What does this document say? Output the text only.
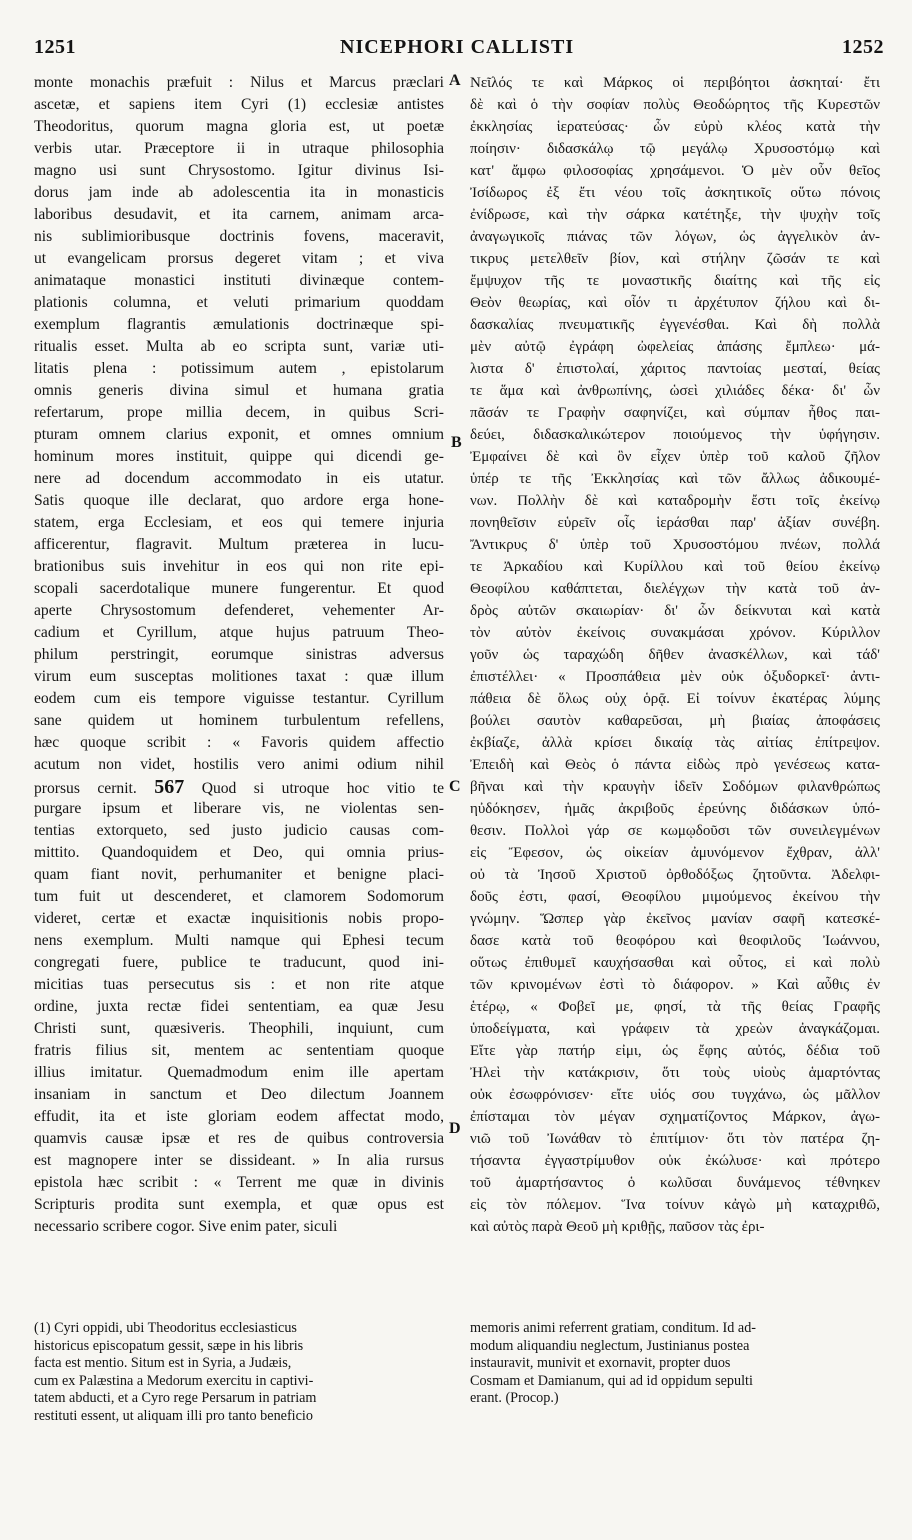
1251	NICEPHORI CALLISTI	1252
monte monachis præfuit : Nilus et Marcus præclari
ascetæ, et sapiens item Cyri (1) ecclesiæ antistes
Theodoritus, quorum magna gloria est, ut poetæ
verbis utar. Præceptore ii in utraque philosophia
magno usi sunt Chrysostomo. Igitur divinus Isi-
dorus jam inde ab adolescentia ita in monasticis
laboribus desudavit, et ita carnem, animam arca-
nis sublimioribusque doctrinis fovens, maceravit,
ut evangelicam prorsus degeret vitam ; et viva
animataque monastici instituti divinæque contem-
plationis columna, et veluti primarium quoddam
exemplum flagrantis æmulationis doctrinæque spi-
ritualis esset. Multa ab eo scripta sunt, variæ uti-
litatis plena : potissimum autem , epistolarum
omnis generis divina simul et humana gratia
refertarum, prope millia decem, in quibus Scri-
pturam omnem clarius exponit, et omnes omnium
hominum mores instituit, quippe qui dicendi ge-
nere ad docendum accommodato in eis utatur.
Satis quoque ille declarat, quo ardore erga hone-
statem, erga Ecclesiam, et eos qui temere injuria
afficerentur, flagravit. Multum præterea in lucu-
brationibus suis invehitur in eos qui non rite epi-
scopali sacerdotalique munere fungerentur. Et quod
aperte Chrysostomum defenderet, vehementer Ar-
cadium et Cyrillum, atque hujus patruum Theo-
philum perstringit, eorumque sinistras adversus
virum eum susceptas molitiones taxat : quæ illum
eodem cum eis tempore viguisse testantur. Cyrillum
sane quidem ut hominem turbulentum refellens,
hæc quoque scribit : « Favoris quidem affectio
acutum non videt, hostilis vero animi odium nihil
prorsus cernit. 567 Quod si utroque hoc vitio te
purgare ipsum et liberare vis, ne violentas sen-
tentias extorqueto, sed justo judicio causas com-
mittito. Quandoquidem et Deo, qui omnia prius-
quam fiant novit, perhumaniter et benigne placi-
tum fuit ut descenderet, et clamorem Sodomorum
videret, certæ et exactæ inquisitionis nobis propo-
nens exemplum. Multi namque qui Ephesi tecum
congregati fuere, publice te traducunt, quod ini-
micitias tuas persecutus sis : et non rite atque
ordine, juxta rectæ fidei sententiam, ea quæ Jesu
Christi sunt, quæsiveris. Theophili, inquiunt, cum
fratris filius sit, mentem ac sententiam quoque
illius imitatur. Quemadmodum enim ille apertam
insaniam in sanctum et Deo dilectum Joannem
effudit, ita et iste gloriam eodem affectat modo,
quamvis causæ ipsæ et res de quibus controversia
est magnopere inter se dissideant. » In alia rursus
epistola hæc scribit : « Terrent me quæ in divinis
Scripturis prodita sunt exempla, et quæ opus est
necessario scribere cogor. Sive enim pater, siculi
Νεῖλός τε καὶ Μάρκος οἱ περιβόητοι ἀσκηταί· ἔτι
δὲ καὶ ὁ τὴν σοφίαν πολὺς Θεοδώρητος τῆς Κυρεστῶν
ἐκκλησίας ἱερατεύσας· ὧν εὐρὺ κλέος κατὰ τὴν
ποίησιν· διδασκάλῳ τῷ μεγάλῳ Χρυσοστόμῳ καὶ
κατ' ἄμφω φιλοσοφίας χρησάμενοι. Ὁ μὲν οὖν θεῖος
Ἰσίδωρος ἐξ ἔτι νέου τοῖς ἀσκητικοῖς οὕτω πόνοις
ἐνίδρωσε, καὶ τὴν σάρκα κατέτηξε, τὴν ψυχὴν τοῖς
ἀναγωγικοῖς πιάνας τῶν λόγων, ὡς ἀγγελικὸν ἀν-
τικρυς μετελθεῖν βίον, καὶ στήλην ζῶσάν τε καὶ
ἔμψυχον τῆς τε μοναστικῆς διαίτης καὶ τῆς εἰς
Θεὸν θεωρίας, καὶ οἷόν τι ἀρχέτυπον ζήλου καὶ δι-
δασκαλίας πνευματικῆς ἐγγενέσθαι. Καὶ δὴ πολλὰ
μὲν αὐτῷ ἐγράφη ὠφελείας ἁπάσης ἔμπλεω· μά-
λιστα δ' ἐπιστολαί, χάριτος παντοίας μεσταί, θείας
τε ἅμα καὶ ἀνθρωπίνης, ὡσεὶ χιλιάδες δέκα· δι' ὧν
πᾶσάν τε Γραφὴν σαφηνίζει, καὶ σύμπαν ἦθος παι-
δεύει, διδασκαλικώτερον ποιούμενος τὴν ὑφήγησιν.
Ἐμφαίνει δὲ καὶ ὃν εἶχεν ὑπὲρ τοῦ καλοῦ ζῆλον
ὑπέρ τε τῆς Ἐκκλησίας καὶ τῶν ἄλλως ἀδικουμέ-
νων. Πολλὴν δὲ καὶ καταδρομὴν ἔστι τοῖς ἐκείνῳ
πονηθεῖσιν εὑρεῖν οἷς ἱεράσθαι παρ' ἀξίαν συνέβη.
Ἄντικρυς δ' ὑπὲρ τοῦ Χρυσοστόμου πνέων, πολλά
τε Ἀρκαδίου καὶ Κυρίλλου καὶ τοῦ θείου ἐκείνῳ
Θεοφίλου καθάπτεται, διελέγχων τὴν κατὰ τοῦ ἀν-
δρὸς αὐτῶν σκαιωρίαν· δι' ὧν δείκνυται καὶ κατὰ
τὸν αὐτὸν ἐκείνοις συνακμάσαι χρόνον. Κύριλλον
γοῦν ὡς ταραχώδη δῆθεν ἀνασκέλλων, καὶ τάδ'
ἐπιστέλλει· « Προσπάθεια μὲν οὐκ ὀξυδορκεῖ· ἀντι-
πάθεια δὲ ὅλως οὐχ ὁρᾷ. Εἰ τοίνυν ἑκατέρας λύμης
βούλει σαυτὸν καθαρεῦσαι, μὴ βιαίας ἀποφάσεις
ἐκβίαζε, ἀλλὰ κρίσει δικαίᾳ τὰς αἰτίας ἐπίτρεψον.
Ἐπειδὴ καὶ Θεὸς ὁ πάντα εἰδὼς πρὸ γενέσεως κατα-
βῆναι καὶ τὴν κραυγὴν ἰδεῖν Σοδόμων φιλανθρώπως
ηὐδόκησεν, ἡμᾶς ἀκριβοῦς ἐρεύνης διδάσκων ὑπό-
θεσιν. Πολλοὶ γάρ σε κωμῳδοῦσι τῶν συνειλεγμένων
εἰς Ἔφεσον, ὡς οἰκείαν ἀμυνόμενον ἔχθραν, ἀλλ'
οὐ τὰ Ἰησοῦ Χριστοῦ ὀρθοδόξως ζητοῦντα. Ἀδελφι-
δοῦς ἐστι, φασί, Θεοφίλου μιμούμενος ἐκείνου τὴν
γνώμην. Ὥσπερ γὰρ ἐκεῖνος μανίαν σαφῆ κατεσκέ-
δασε κατὰ τοῦ θεοφόρου καὶ θεοφιλοῦς Ἰωάννου,
οὕτως ἐπιθυμεῖ καυχήσασθαι καὶ οὗτος, εἰ καὶ πολὺ
τῶν κρινομένων ἐστὶ τὸ διάφορον. » Καὶ αὖθις ἐν
ἑτέρῳ, « Φοβεῖ με, φησί, τὰ τῆς θείας Γραφῆς
ὑποδείγματα, καὶ γράφειν τὰ χρεὼν ἀναγκάζομαι.
Εἴτε γὰρ πατήρ εἰμι, ὡς ἔφης αὐτός, δέδια τοῦ
Ἠλεὶ τὴν κατάκρισιν, ὅτι τοὺς υἱοὺς ἁμαρτόντας
οὐκ ἐσωφρόνισεν· εἴτε υἱός σου τυγχάνω, ὡς μᾶλλον
ἐπίσταμαι τὸν μέγαν σχηματίζοντος Μάρκον, ἀγω-
νιῶ τοῦ Ἰωνάθαν τὸ ἐπιτίμιον· ὅτι τὸν πατέρα ζη-
τήσαντα ἐγγαστρίμυθον οὐκ ἐκώλυσε· καὶ πρότερο
τοῦ ἁμαρτήσαντος ὁ κωλῦσαι δυνάμενος τέθνηκεν
εἰς τὸν πόλεμον. Ἵνα τοίνυν κἀγὼ μὴ καταχριθῶ,
καὶ αὐτὸς παρὰ Θεοῦ μὴ κριθῇς, παῦσον τὰς ἐρι-
A
B
C
D
(1) Cyri oppidi, ubi Theodoritus ecclesiasticus
historicus episcopatum gessit, sæpe in his libris
facta est mentio. Situm est in Syria, a Judæis,
cum ex Palæstina a Medorum exercitu in captivi-
tatem abducti, et a Cyro rege Persarum in patriam
restituti essent, ut aliquam illi pro tanto beneficio
memoris animi referrent gratiam, conditum. Id ad-
modum aliquandiu neglectum, Justinianus postea
instauravit, munivit et exornavit, propter duos
Cosmam et Damianum, qui ad id oppidum sepulti
erant. (Procop.)
